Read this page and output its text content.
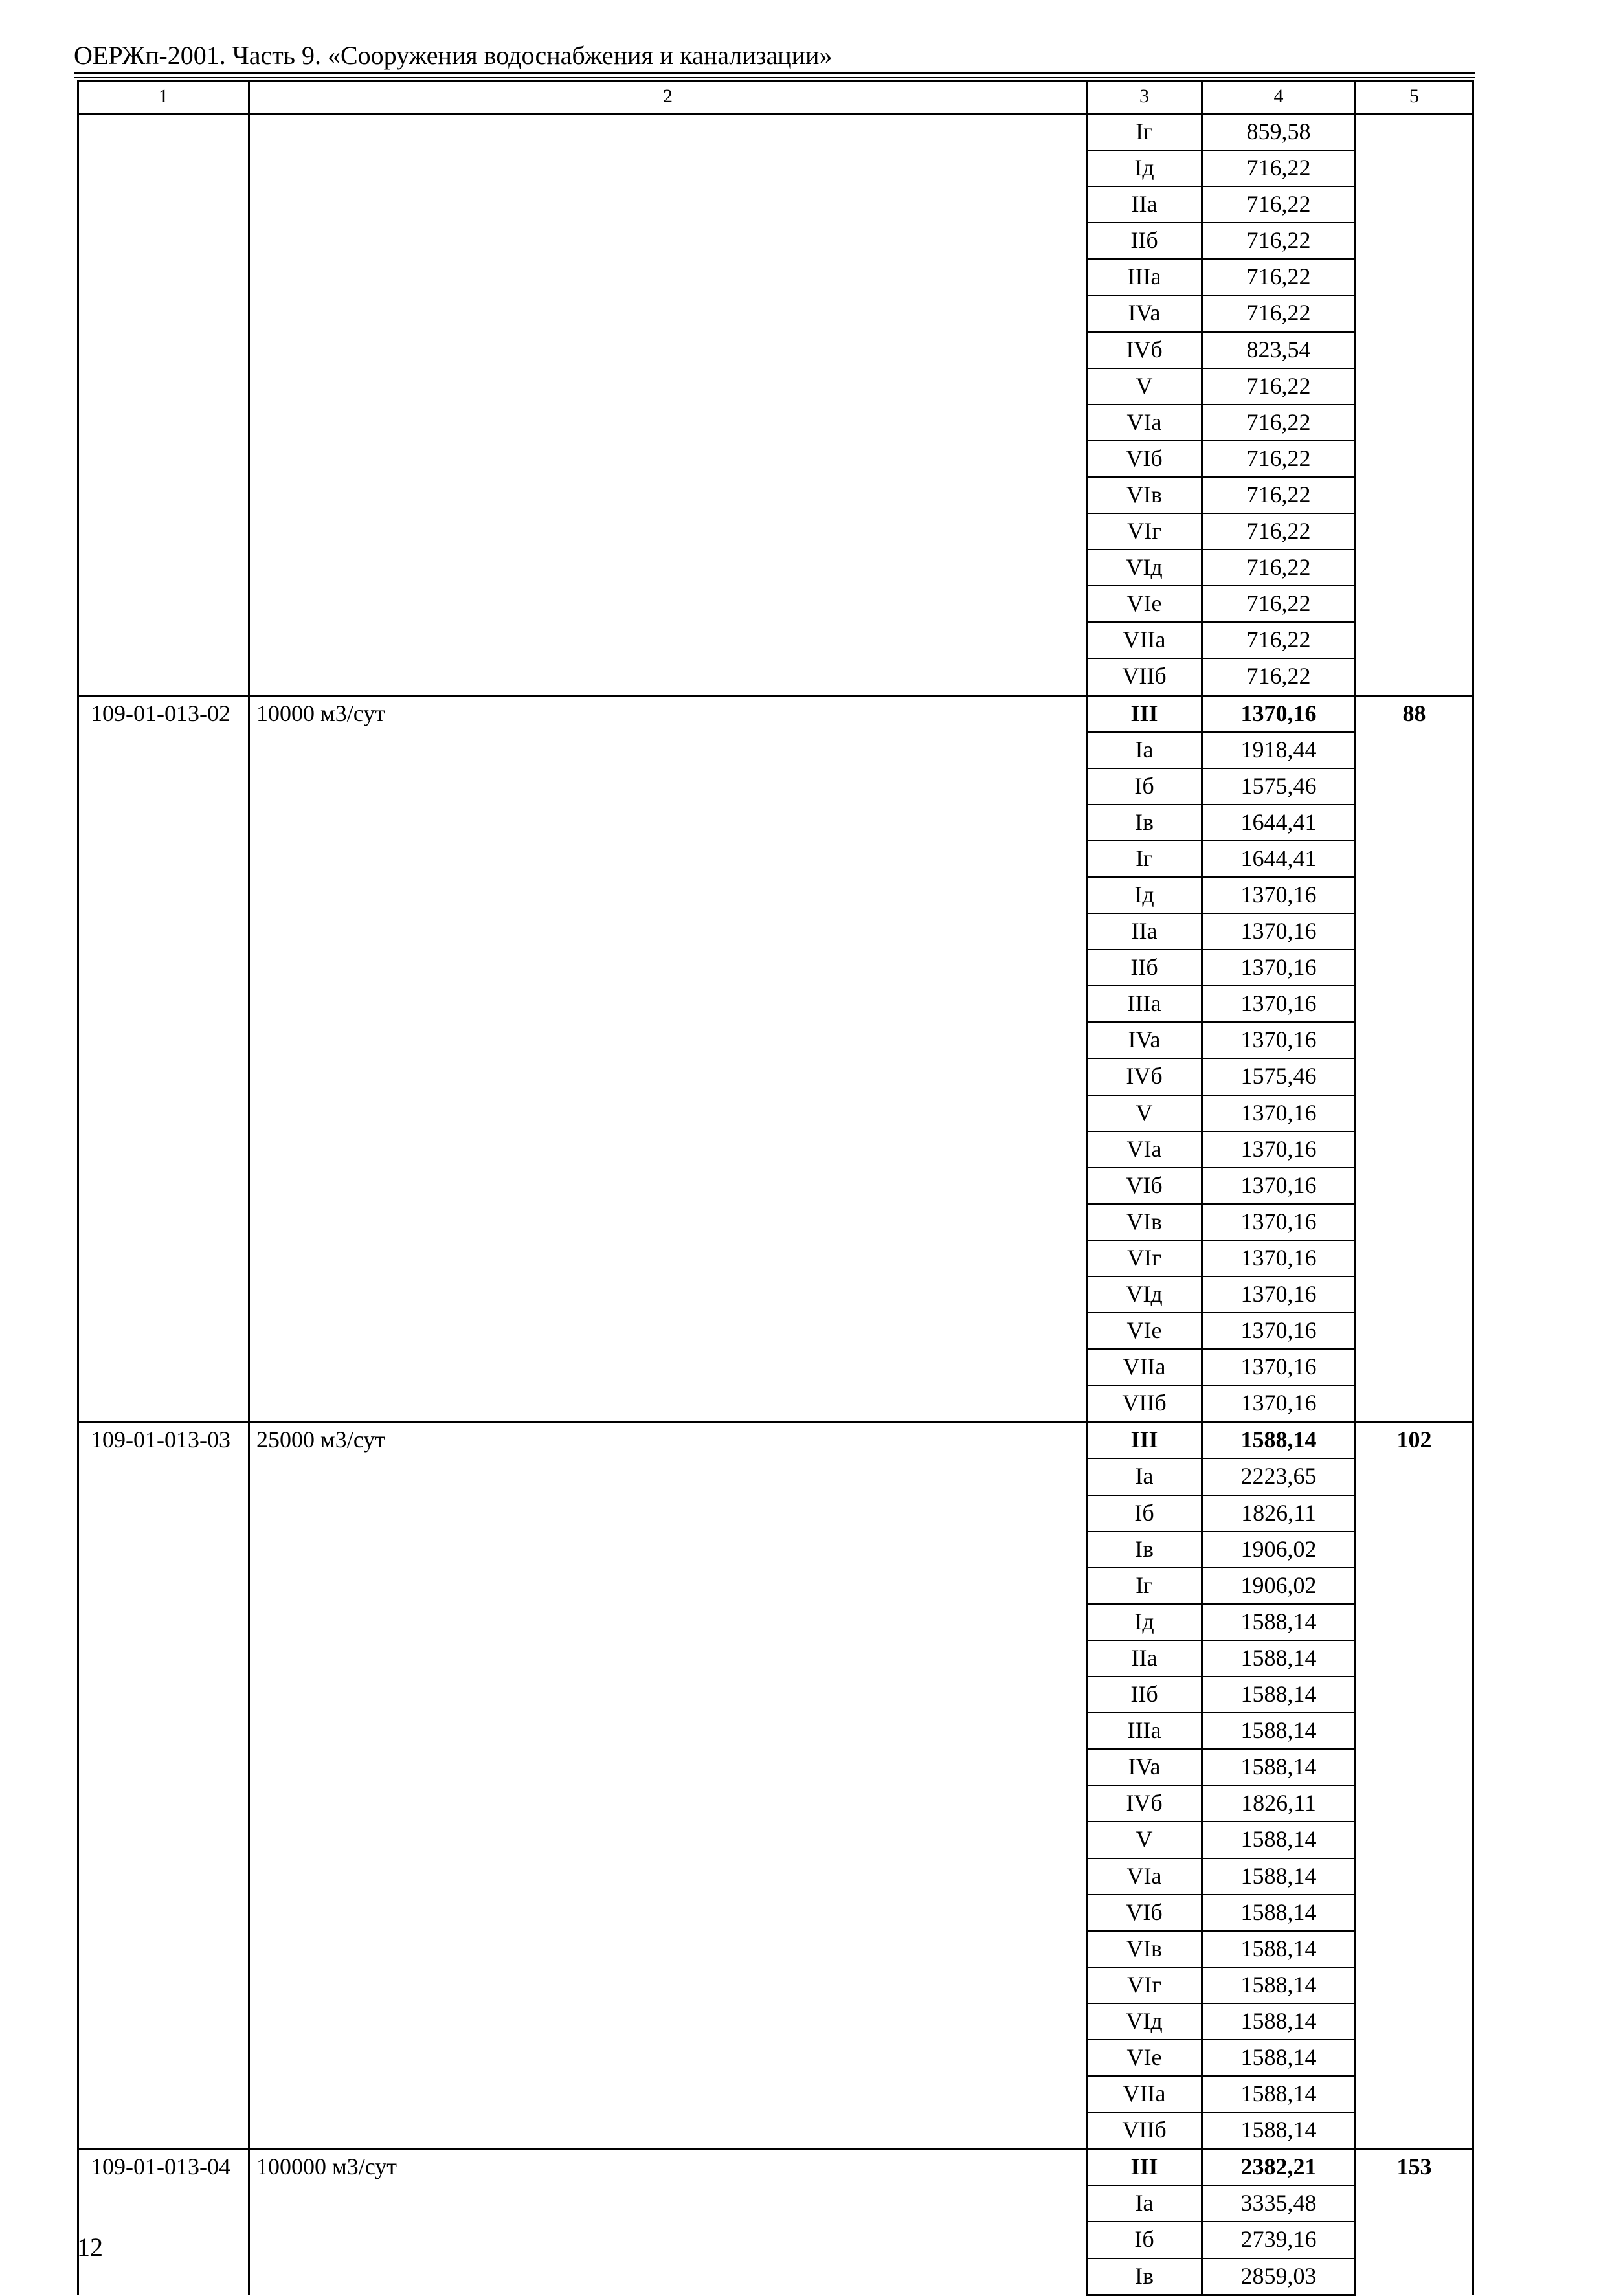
ОЕРЖп-2001. Часть 9. «Сооружения водоснабжения и канализации»
1	2	3	4	5
		Iг	859,58	
		Iд	716,22	
		IIa	716,22	
		IIб	716,22	
		IIIa	716,22	
		IVa	716,22	
		IVб	823,54	
		V	716,22	
		VIa	716,22	
		VIб	716,22	
		VIв	716,22	
		VIг	716,22	
		VIд	716,22	
		VIe	716,22	
		VIIa	716,22	
		VIIб	716,22	
109-01-013-02	10000 м3/сут	III	1370,16	88
		Ia	1918,44	
		Iб	1575,46	
		Iв	1644,41	
		Iг	1644,41	
		Iд	1370,16	
		IIa	1370,16	
		IIб	1370,16	
		IIIa	1370,16	
		IVa	1370,16	
		IVб	1575,46	
		V	1370,16	
		VIa	1370,16	
		VIб	1370,16	
		VIв	1370,16	
		VIг	1370,16	
		VIд	1370,16	
		VIe	1370,16	
		VIIa	1370,16	
		VIIб	1370,16	
109-01-013-03	25000 м3/сут	III	1588,14	102
		Ia	2223,65	
		Iб	1826,11	
		Iв	1906,02	
		Iг	1906,02	
		Iд	1588,14	
		IIa	1588,14	
		IIб	1588,14	
		IIIa	1588,14	
		IVa	1588,14	
		IVб	1826,11	
		V	1588,14	
		VIa	1588,14	
		VIб	1588,14	
		VIв	1588,14	
		VIг	1588,14	
		VIд	1588,14	
		VIe	1588,14	
		VIIa	1588,14	
		VIIб	1588,14	
109-01-013-04	100000 м3/сут	III	2382,21	153
		Ia	3335,48	
		Iб	2739,16	
		Iв	2859,03	
12
